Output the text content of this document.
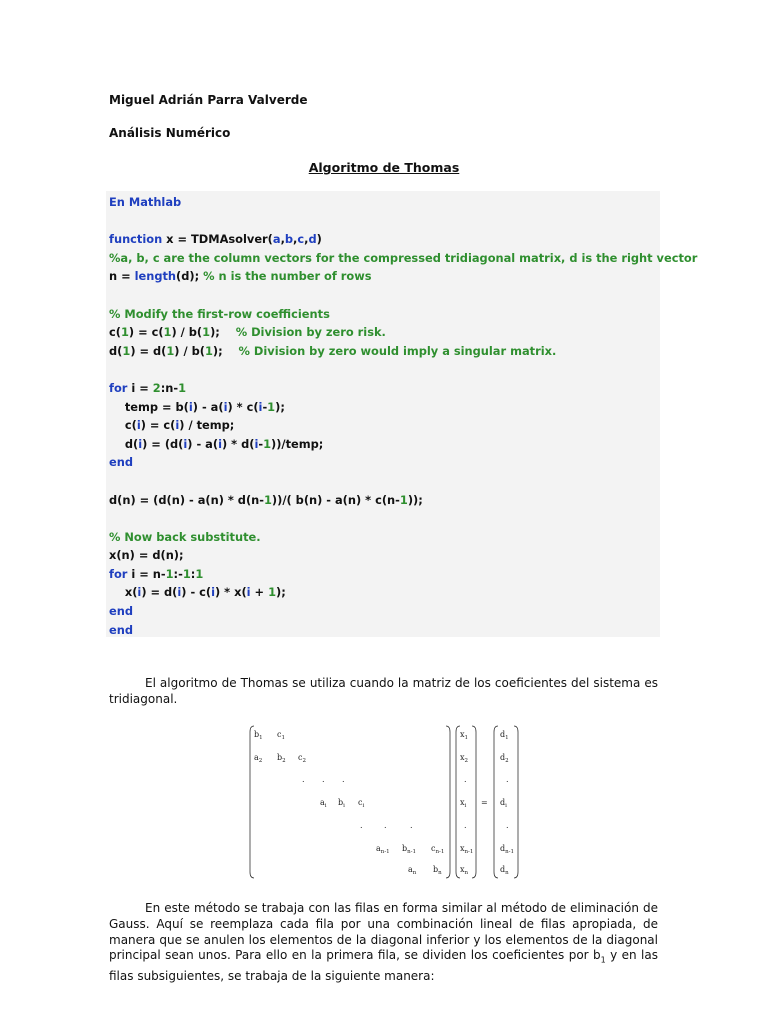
Miguel Adrián Parra Valverde
Análisis Numérico
Algoritmo de Thomas
En Mathlab

function x = TDMAsolver(a,b,c,d)
%a, b, c are the column vectors for the compressed tridiagonal matrix, d is the right vector
n = length(d); % n is the number of rows

% Modify the first-row coefficients
c(1) = c(1) / b(1);    % Division by zero risk.
d(1) = d(1) / b(1);    % Division by zero would imply a singular matrix.

for i = 2:n-1
temp = b(i) - a(i) * c(i-1);
c(i) = c(i) / temp;
d(i) = (d(i) - a(i) * d(i-1))/temp;
end

d(n) = (d(n) - a(n) * d(n-1))/( b(n) - a(n) * c(n-1));

% Now back substitute.
x(n) = d(n);
for i = n-1:-1:1
x(i) = d(i) - c(i) * x(i + 1);
end
end
El algoritmo de Thomas se utiliza cuando la matriz de los coeficientes del sistema es tridiagonal.
$b_1$ $c_1$
$a_2$ $b_2$ $c_2$
. . .
$a_i$ $b_i$ $c_i$
.	.	.
$a_{n-1}$ $b_{n-1}$ $c_{n-1}$
$a_n$ $b_n$
$x_1$
$x_2$
.
$x_i$
.
$x_{n-1}$
$x_n$
=
$d_1$
$d_2$
.
$d_i$
.
$d_{n-1}$
$d_n$
En este método se trabaja con las filas en forma similar al método de eliminación de Gauss. Aquí se reemplaza cada fila por una combinación lineal de filas apropiada, de manera que se anulen los elementos de la diagonal inferior y los elementos de la diagonal principal sean unos. Para ello en la primera fila, se dividen los coeficientes por $b_1$ y en las filas subsiguientes, se trabaja de la siguiente manera:
